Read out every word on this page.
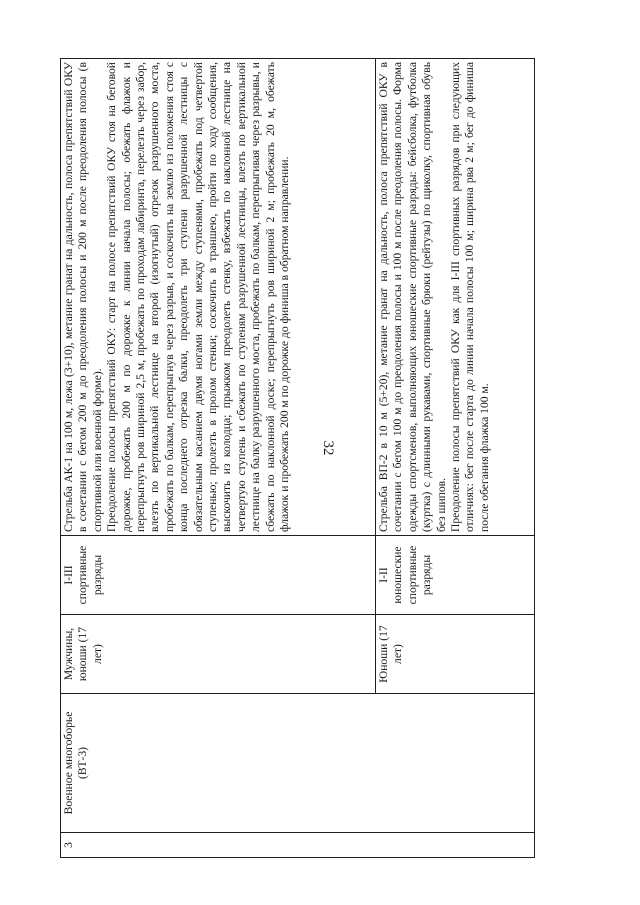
32
3	Военное многоборье (ВТ-3)	Мужчины, юноши (17 лет)	I-III спортивные разряды	Стрельба АК-1 на 100 м, лежа (3+10), метание гранат на дальность, полоса препятствий ОКУ в сочетании с бегом 200 м до преодоления полосы и 200 м после преодоления полосы (в спортивной или военной форме). Преодоление полосы препятствий ОКУ: старт на полосе препятствий ОКУ стоя на беговой дорожке, пробежать 200 м по дорожке к линии начала полосы; обежать флажок и перепрыгнуть ров шириной 2,5 м, пробежать по проходам лабиринта, перелезть через забор, влезть по вертикальной лестнице на второй (изогнутый) отрезок разрушенного моста, пробежать по балкам, перепрыгнув через разрыв, и соскочить на землю из положения стоя с конца последнего отрезка балки, преодолеть три ступени разрушенной лестницы с обязательным касанием двумя ногами земли между ступенями, пробежать под четвертой ступенью; пролезть в пролом стенки; соскочить в траншею, пройти по ходу сообщения, выскочить из колодца; прыжком преодолеть стенку, взбежать по наклонной лестнице на четвертую ступень и сбежать по ступеням разрушенной лестницы, влезть по вертикальной лестнице на балку разрушенного моста, пробежать по балкам, перепрыгивая через разрывы, и сбежать по наклонной доске; перепрыгнуть ров шириной 2 м; пробежать 20 м, обежать флажок и пробежать 200 м по дорожке до финиша в обратном направлении.

		Юноши (17 лет)	I-II юношеские спортивные разряды	Стрельба ВП-2 в 10 м (5+20), метание гранат на дальность, полоса препятствий ОКУ в сочетании с бегом 100 м до преодоления полосы и 100 м после преодоления полосы. Форма одежды спортсменов, выполняющих юношеские спортивные разряды: бейсболка, футболка (куртка) с длинными рукавами, спортивные брюки (рейтузы) по щиколку, спортивная обувь без шипов. Преодоление полосы препятствий ОКУ как для I-III спортивных разрядов при следующих отличиях: бег после старта до линии начала полосы 100 м; ширина рва 2 м; бег до финиша после обегания флажка 100 м.
